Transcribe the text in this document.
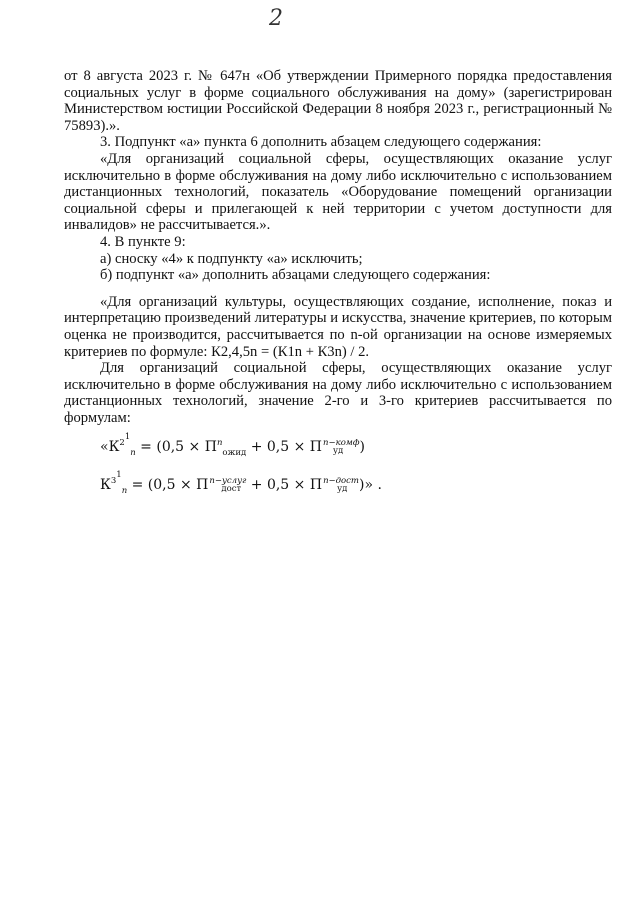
2

от 8 августа 2023 г. № 647н «Об утверждении Примерного порядка предоставления социальных услуг в форме социального обслуживания на дому» (зарегистрирован Министерством юстиции Российской Федерации 8 ноября 2023 г., регистрационный № 75893).».

3. Подпункт «а» пункта 6 дополнить абзацем следующего содержания:

«Для организаций социальной сферы, осуществляющих оказание услуг исключительно в форме обслуживания на дому либо исключительно с использованием дистанционных технологий, показатель «Оборудование помещений организации социальной сферы и прилегающей к ней территории с учетом доступности для инвалидов» не рассчитывается.».

4. В пункте 9:

а) сноску «4» к подпункту «а» исключить;

б) подпункт «а» дополнить абзацами следующего содержания:

«Для организаций культуры, осуществляющих создание, исполнение, показ и интерпретацию произведений литературы и искусства, значение критериев, по которым оценка не производится, рассчитывается по n-ой организации на основе измеряемых критериев по формуле: К2,4,5n = (К1n + К3n) / 2.

Для организаций социальной сферы, осуществляющих оказание услуг исключительно в форме обслуживания на дому либо исключительно с использованием дистанционных технологий, значение 2-го и 3-го критериев рассчитывается по формулам:

«$К^{2^1}_n = (0,5 \times П^n_{ожид} + 0,5 \times П$ n−комф
уд	)
$К^{3^1}_n = (0,5 \times П$ n−услуг
дост + 0,5 × П n−дост
уд )» .
